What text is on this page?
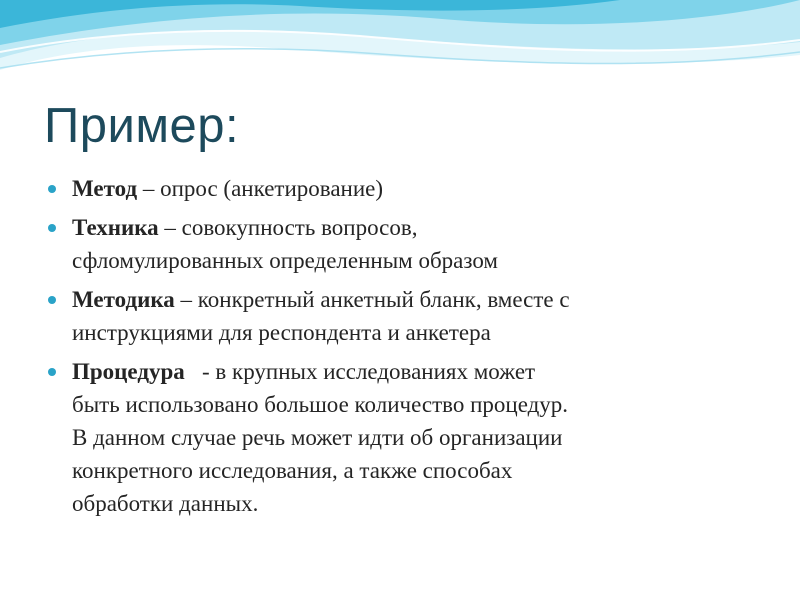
Пример:
Метод – опрос (анкетирование)
Техника – совокупность вопросов,
сфломулированных определенным образом
Методика – конкретный анкетный бланк, вместе с
инструкциями для респондента и анкетера
Процедура   - в крупных исследованиях может
быть использовано большое количество процедур.
В данном случае речь может идти об организации
конкретного исследования, а также способах
обработки данных.
